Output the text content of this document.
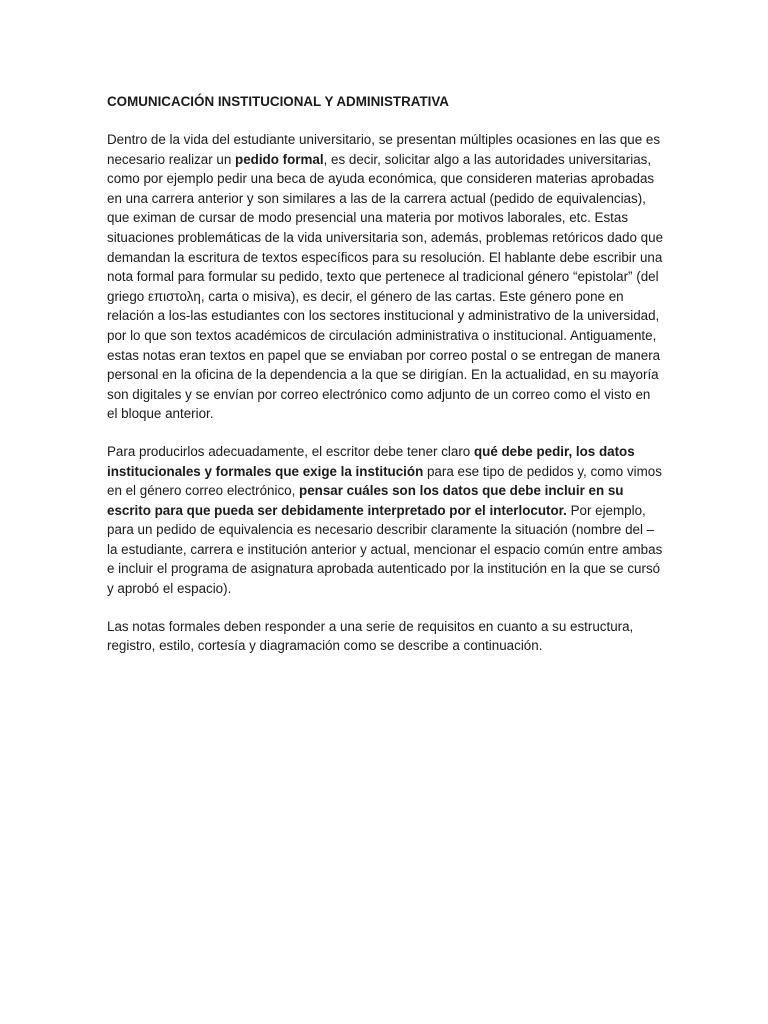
COMUNICACIÓN INSTITUCIONAL Y ADMINISTRATIVA

Dentro de la vida del estudiante universitario, se presentan múltiples ocasiones en las que es necesario realizar un pedido formal, es decir, solicitar algo a las autoridades universitarias, como por ejemplo pedir una beca de ayuda económica, que consideren materias aprobadas en una carrera anterior y son similares a las de la carrera actual (pedido de equivalencias), que eximan de cursar de modo presencial una materia por motivos laborales, etc. Estas situaciones problemáticas de la vida universitaria son, además, problemas retóricos dado que demandan la escritura de textos específicos para su resolución. El hablante debe escribir una nota formal para formular su pedido, texto que pertenece al tradicional género “epistolar” (del griego επιστολη, carta o misiva), es decir, el género de las cartas. Este género pone en relación a los-las estudiantes con los sectores institucional y administrativo de la universidad, por lo que son textos académicos de circulación administrativa o institucional. Antiguamente, estas notas eran textos en papel que se enviaban por correo postal o se entregan de manera personal en la oficina de la dependencia a la que se dirigían. En la actualidad, en su mayoría son digitales y se envían por correo electrónico como adjunto de un correo como el visto en el bloque anterior.

Para producirlos adecuadamente, el escritor debe tener claro qué debe pedir, los datos institucionales y formales que exige la institución para ese tipo de pedidos y, como vimos en el género correo electrónico, pensar cuáles son los datos que debe incluir en su escrito para que pueda ser debidamente interpretado por el interlocutor. Por ejemplo, para un pedido de equivalencia es necesario describir claramente la situación (nombre del –la estudiante, carrera e institución anterior y actual, mencionar el espacio común entre ambas e incluir el programa de asignatura aprobada autenticado por la institución en la que se cursó y aprobó el espacio).

Las notas formales deben responder a una serie de requisitos en cuanto a su estructura, registro, estilo, cortesía y diagramación como se describe a continuación.
